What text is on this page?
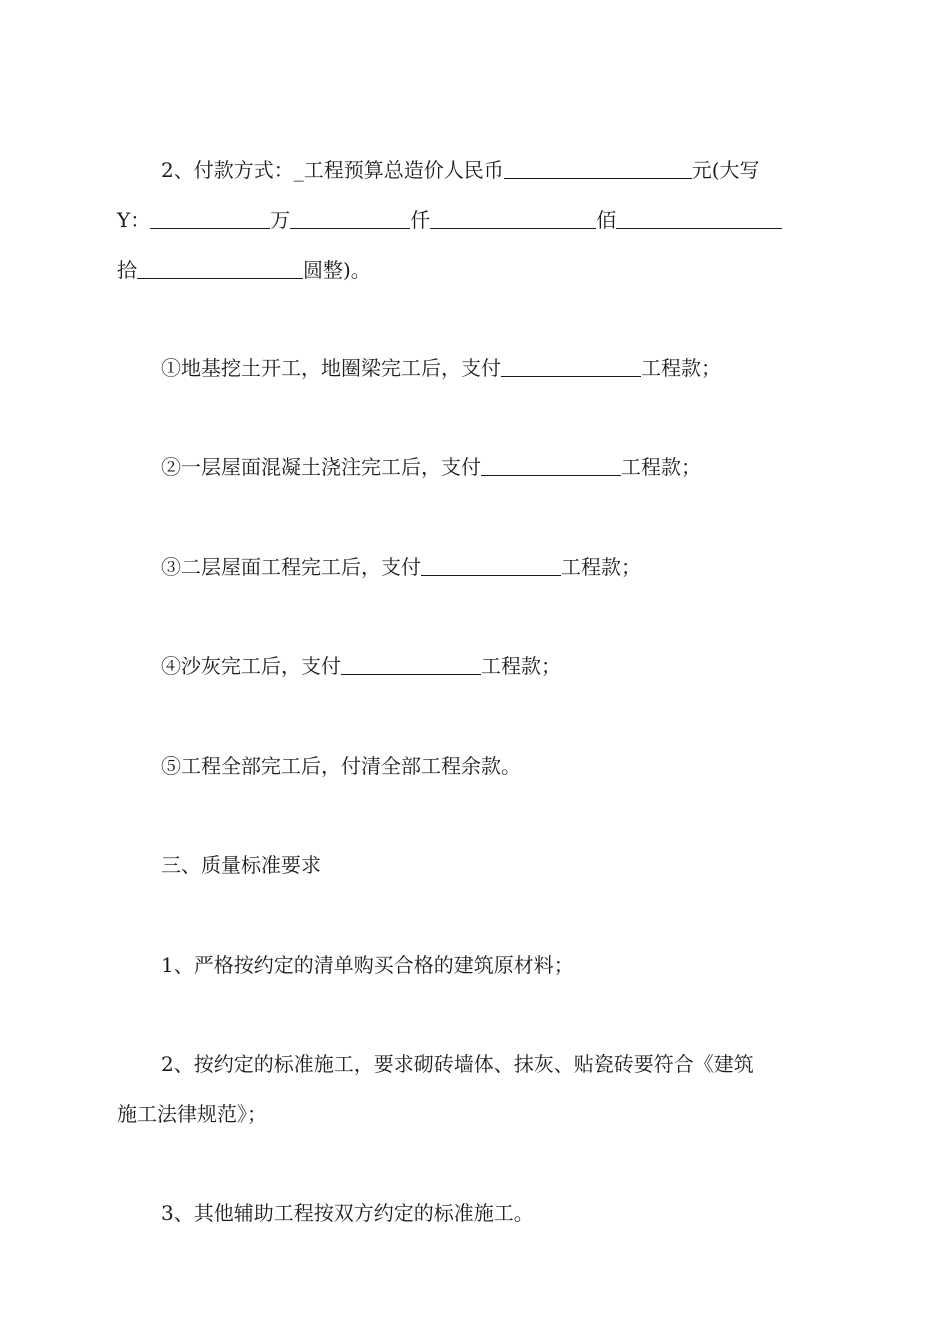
2、付款方式：_工程预算总造价人民币	元(大写
Y：	万	仟	佰
拾	圆整)。
①地基挖土开工，地圈梁完工后，支付	工程款；
②一层屋面混凝土浇注完工后，支付	工程款；
③二层屋面工程完工后，支付	工程款；
④沙灰完工后，支付	工程款；
⑤工程全部完工后，付清全部工程余款。
三、质量标准要求
1、严格按约定的清单购买合格的建筑原材料；
2、按约定的标准施工，要求砌砖墙体、抹灰、贴瓷砖要符合《建筑
施工法律规范》；
3、其他辅助工程按双方约定的标准施工。
